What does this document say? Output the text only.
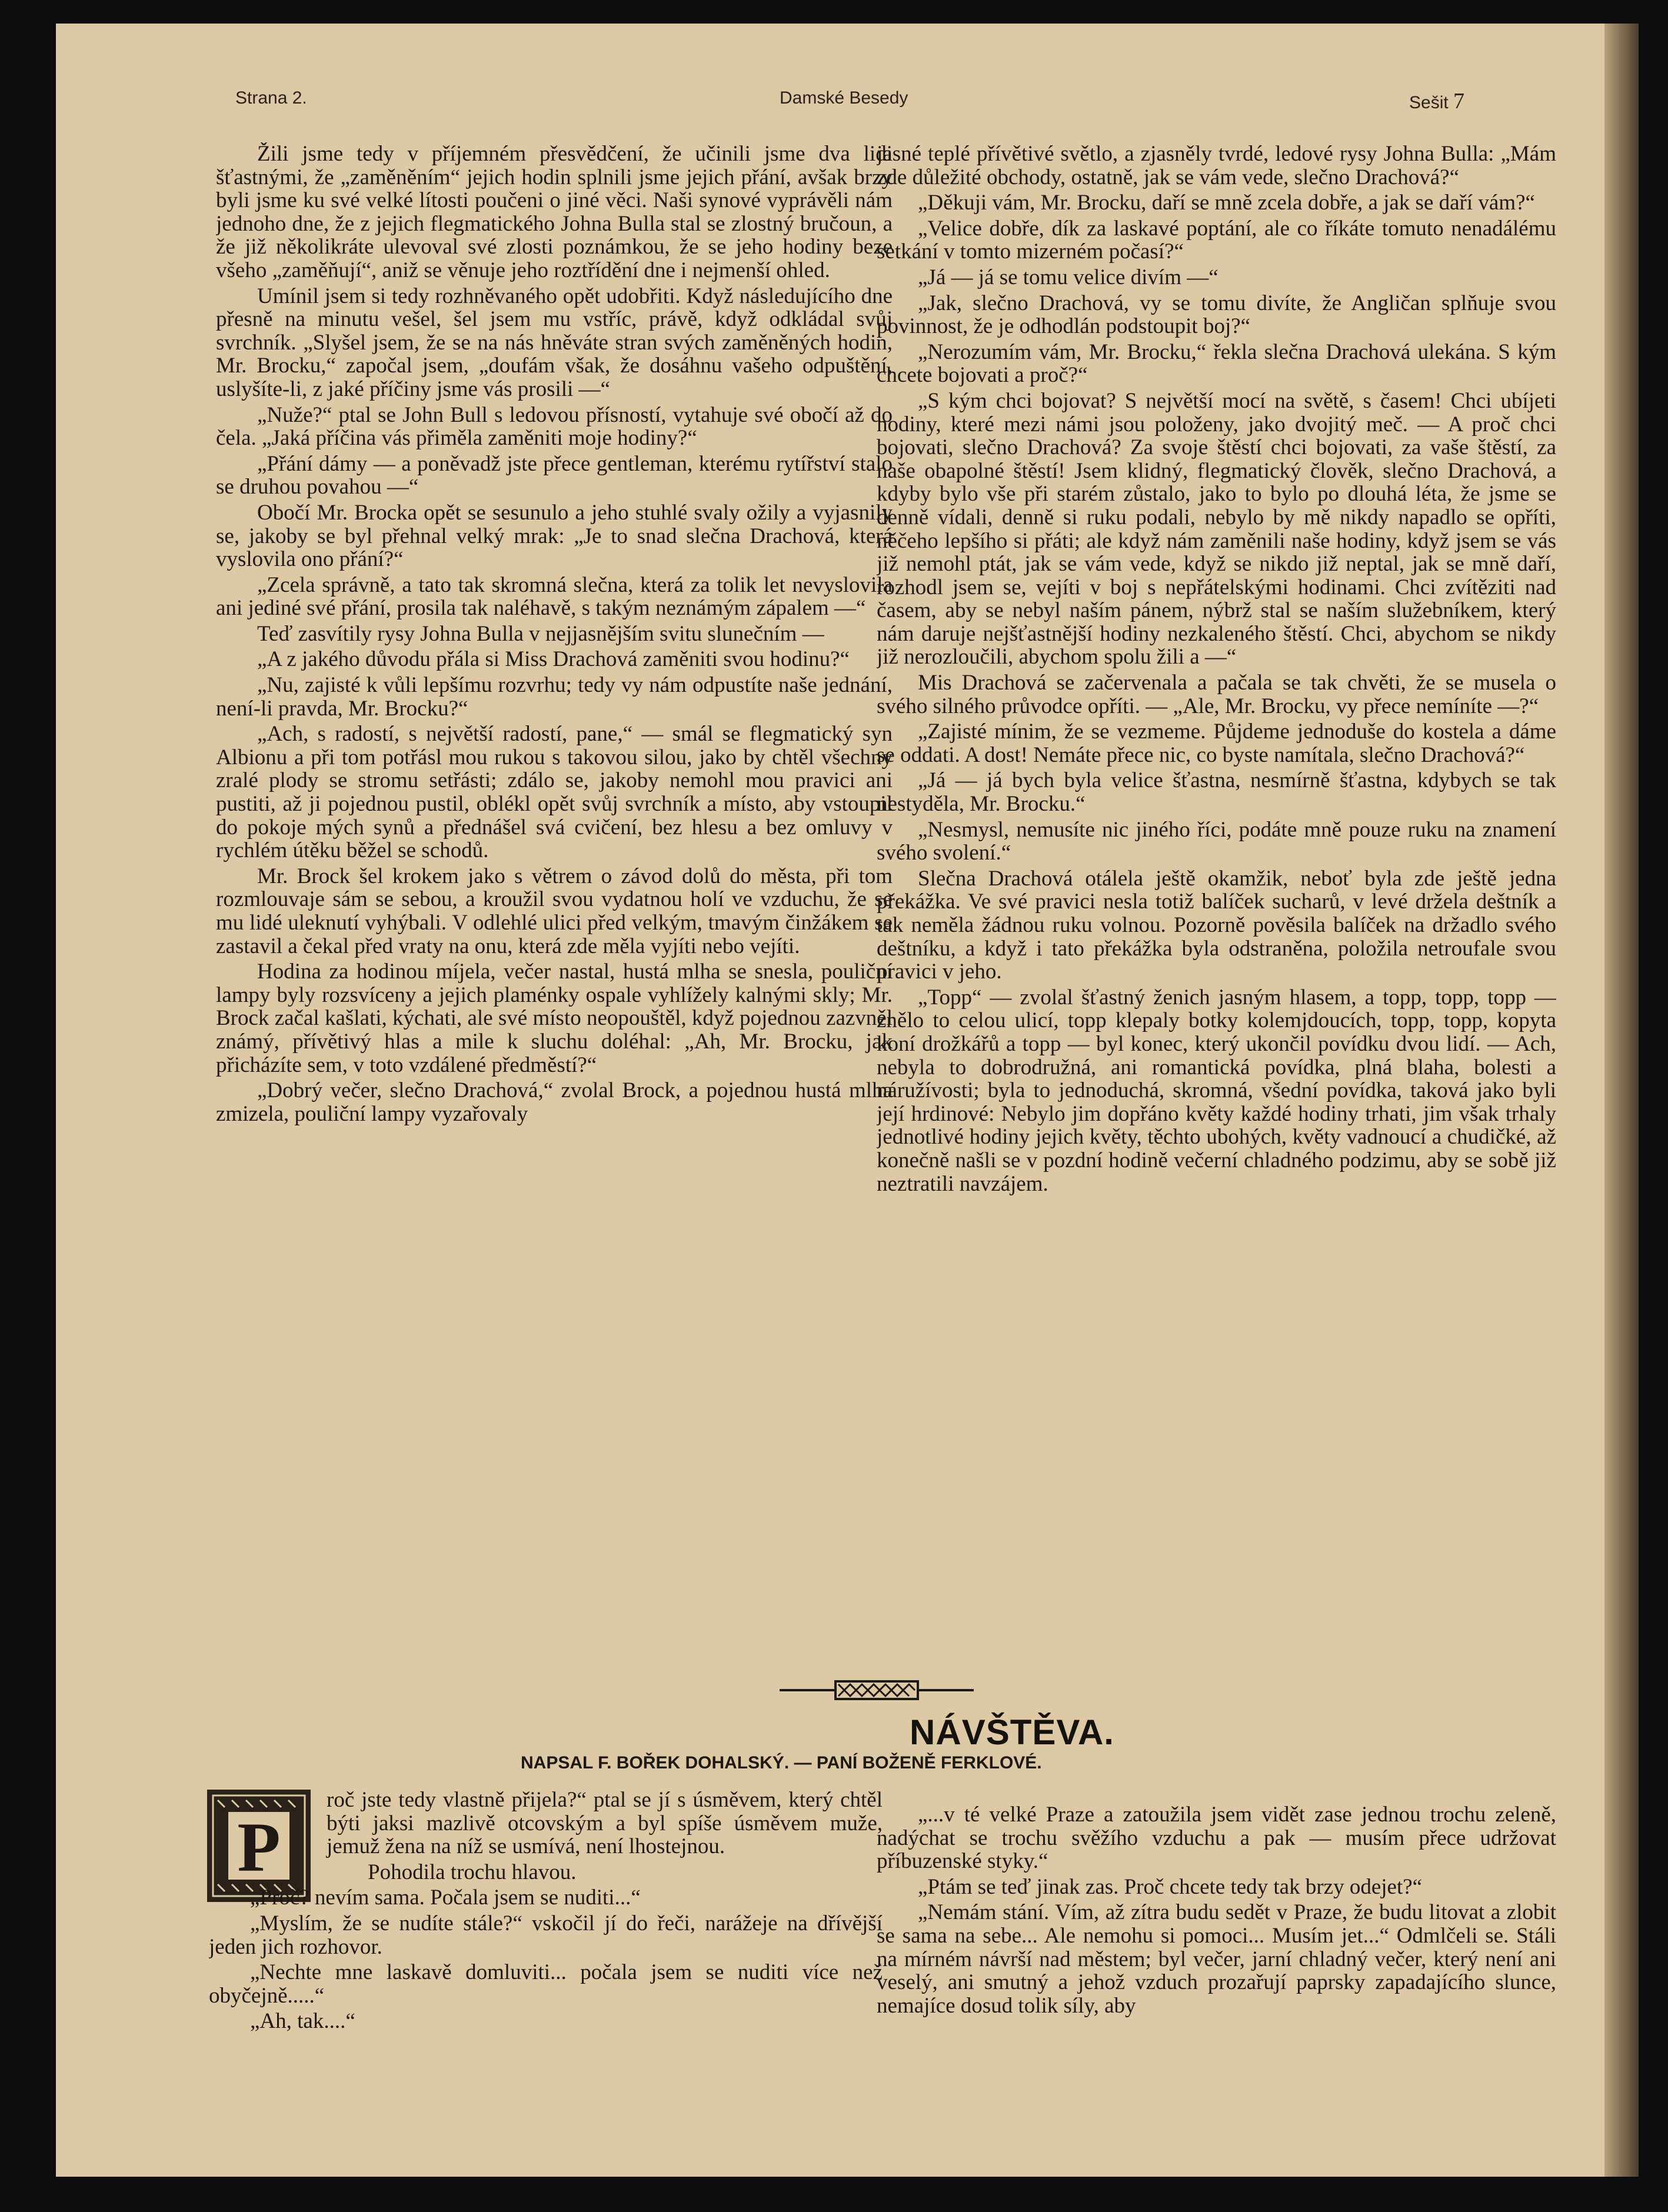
Strana 2.	Damské Besedy	Sešit 7

Žili jsme tedy v příjemném přesvědčení, že učinili jsme dva lidi šťastnými, že „zaměněním“ jejich hodin splnili jsme jejich přání, avšak brzy byli jsme ku své velké lítosti poučeni o jiné věci. Naši synové vyprávěli nám jednoho dne, že z jejich flegmatického Johna Bulla stal se zlostný bručoun, a že již několikráte ulevoval své zlosti poznámkou, že se jeho hodiny beze všeho „zaměňují“, aniž se věnuje jeho roztřídění dne i nejmenší ohled.

Umínil jsem si tedy rozhněvaného opět udobřiti. Když následujícího dne přesně na minutu vešel, šel jsem mu vstříc, právě, když odkládal svůj svrchník. „Slyšel jsem, že se na nás hněváte stran svých zaměněných hodin, Mr. Brocku,“ započal jsem, „doufám však, že dosáhnu vašeho odpuštění, uslyšíte-li, z jaké příčiny jsme vás prosili —“

„Nuže?“ ptal se John Bull s ledovou přísností, vytahuje své obočí až do čela. „Jaká příčina vás přiměla zaměniti moje hodiny?“

„Přání dámy — a poněvadž jste přece gentleman, kterému rytířství stalo se druhou povahou —“

Obočí Mr. Brocka opět se sesunulo a jeho stuhlé svaly ožily a vyjasnily se, jakoby se byl přehnal velký mrak: „Je to snad slečna Drachová, která vyslovila ono přání?“

„Zcela správně, a tato tak skromná slečna, která za tolik let nevyslovila ani jediné své přání, prosila tak naléhavě, s takým neznámým zápalem —“

Teď zasvítily rysy Johna Bulla v nejjasnějším svitu slunečním —

„A z jakého důvodu přála si Miss Drachová zaměniti svou hodinu?“

„Nu, zajisté k vůli lepšímu rozvrhu; tedy vy nám odpustíte naše jednání, není-li pravda, Mr. Brocku?“

„Ach, s radostí, s největší radostí, pane,“ — smál se flegmatický syn Albionu a při tom potřásl mou rukou s takovou silou, jako by chtěl všechny zralé plody se stromu setřásti; zdálo se, jakoby nemohl mou pravici ani pustiti, až ji pojednou pustil, oblékl opět svůj svrchník a místo, aby vstoupil do pokoje mých synů a přednášel svá cvičení, bez hlesu a bez omluvy v rychlém útěku běžel se schodů.

Mr. Brock šel krokem jako s větrem o závod dolů do města, při tom rozmlouvaje sám se sebou, a kroužil svou vydatnou holí ve vzduchu, že se mu lidé uleknutí vyhýbali. V odlehlé ulici před velkým, tmavým činžákem se zastavil a čekal před vraty na onu, která zde měla vyjíti nebo vejíti.

Hodina za hodinou míjela, večer nastal, hustá mlha se snesla, pouliční lampy byly rozsvíceny a jejich plaménky ospale vyhlížely kalnými skly; Mr. Brock začal kašlati, kýchati, ale své místo neopouštěl, když pojednou zazvněl známý, přívětivý hlas a mile k sluchu doléhal: „Ah, Mr. Brocku, jak přicházíte sem, v toto vzdálené předměstí?“

„Dobrý večer, slečno Drachová,“ zvolal Brock, a pojednou hustá mlha zmizela, pouliční lampy vyzařovaly

jasné teplé přívětivé světlo, a zjasněly tvrdé, ledové rysy Johna Bulla: „Mám zde důležité obchody, ostatně, jak se vám vede, slečno Drachová?“

„Děkuji vám, Mr. Brocku, daří se mně zcela dobře, a jak se daří vám?“

„Velice dobře, dík za laskavé poptání, ale co říkáte tomuto nenadálému setkání v tomto mizerném počasí?“

„Já — já se tomu velice divím —“

„Jak, slečno Drachová, vy se tomu divíte, že Angličan splňuje svou povinnost, že je odhodlán podstoupit boj?“

„Nerozumím vám, Mr. Brocku,“ řekla slečna Drachová ulekána. S kým chcete bojovati a proč?“

„S kým chci bojovat? S největší mocí na světě, s časem! Chci ubíjeti hodiny, které mezi námi jsou položeny, jako dvojitý meč. — A proč chci bojovati, slečno Drachová? Za svoje štěstí chci bojovati, za vaše štěstí, za naše obapolné štěstí! Jsem klidný, flegmatický člověk, slečno Drachová, a kdyby bylo vše při starém zůstalo, jako to bylo po dlouhá léta, že jsme se denně vídali, denně si ruku podali, nebylo by mě nikdy napadlo se opříti, něčeho lepšího si přáti; ale když nám zaměnili naše hodiny, když jsem se vás již nemohl ptát, jak se vám vede, když se nikdo již neptal, jak se mně daří, rozhodl jsem se, vejíti v boj s nepřátelskými hodinami. Chci zvítěziti nad časem, aby se nebyl naším pánem, nýbrž stal se naším služebníkem, který nám daruje nejšťastnější hodiny nezkaleného štěstí. Chci, abychom se nikdy již nerozloučili, abychom spolu žili a —“

Mis Drachová se začervenala a pačala se tak chvěti, že se musela o svého silného průvodce opříti. — „Ale, Mr. Brocku, vy přece nemíníte —?“

„Zajisté mínim, že se vezmeme. Půjdeme jednoduše do kostela a dáme se oddati. A dost! Nemáte přece nic, co byste namítala, slečno Drachová?“

„Já — já bych byla velice šťastna, nesmírně šťastna, kdybych se tak nestyděla, Mr. Brocku.“

„Nesmysl, nemusíte nic jiného říci, podáte mně pouze ruku na znamení svého svolení.“

Slečna Drachová otálela ještě okamžik, neboť byla zde ještě jedna překážka. Ve své pravici nesla totiž balíček sucharů, v levé držela deštník a tak neměla žádnou ruku volnou. Pozorně pověsila balíček na držadlo svého deštníku, a když i tato překážka byla odstraněna, položila netroufale svou pravici v jeho.

„Topp“ — zvolal šťastný ženich jasným hlasem, a topp, topp, topp — znělo to celou ulicí, topp klepaly botky kolemjdoucích, topp, topp, kopyta koní drožkářů a topp — byl konec, který ukončil povídku dvou lidí. — Ach, nebyla to dobrodružná, ani romantická povídka, plná blaha, bolesti a náružívosti; byla to jednoduchá, skromná, všední povídka, taková jako byli její hrdinové: Nebylo jim dopřáno květy každé hodiny trhati, jim však trhaly jednotlivé hodiny jejich květy, těchto ubohých, květy vadnoucí a chudičké, až konečně našli se v pozdní hodině večerní chladného podzimu, aby se sobě již neztratili navzájem.

NÁVŠTĚVA.
NAPSAL F. BOŘEK DOHALSKÝ. — PANÍ BOŽENĚ FERKLOVÉ.
P

roč jste tedy vlastně přijela?“ ptal se jí s úsměvem, který chtěl býti jaksi mazlivě otcovským a byl spíše úsměvem muže, jemuž žena na níž se usmívá, není lhostejnou.

Pohodila trochu hlavou.

„Proč? nevím sama. Počala jsem se nuditi...“

„Myslím, že se nudíte stále?“ vskočil jí do řeči, narážeje na dřívější jeden jich rozhovor.

„Nechte mne laskavě domluviti... počala jsem se nuditi více než obyčejně.....“

„Ah, tak....“

„...v té velké Praze a zatoužila jsem vidět zase jednou trochu zeleně, nadýchat se trochu svěžího vzduchu a pak — musím přece udržovat příbuzenské styky.“

„Ptám se teď jinak zas. Proč chcete tedy tak brzy odejet?“

„Nemám stání. Vím, až zítra budu sedět v Praze, že budu litovat a zlobit se sama na sebe... Ale nemohu si pomoci... Musím jet...“ Odmlčeli se. Stáli na mírném návrší nad městem; byl večer, jarní chladný večer, který není ani veselý, ani smutný a jehož vzduch prozařují paprsky zapadajícího slunce, nemajíce dosud tolik síly, aby
